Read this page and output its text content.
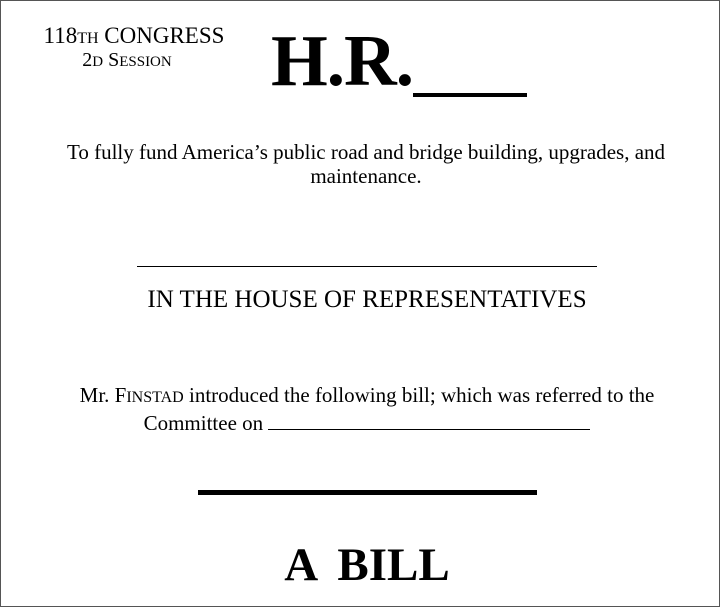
118TH CONGRESS
2D SESSION	H.R.
To fully fund America’s public road and bridge building, upgrades, and maintenance.
IN THE HOUSE OF REPRESENTATIVES
Mr. FINSTAD introduced the following bill; which was referred to the Committee on
A BILL
